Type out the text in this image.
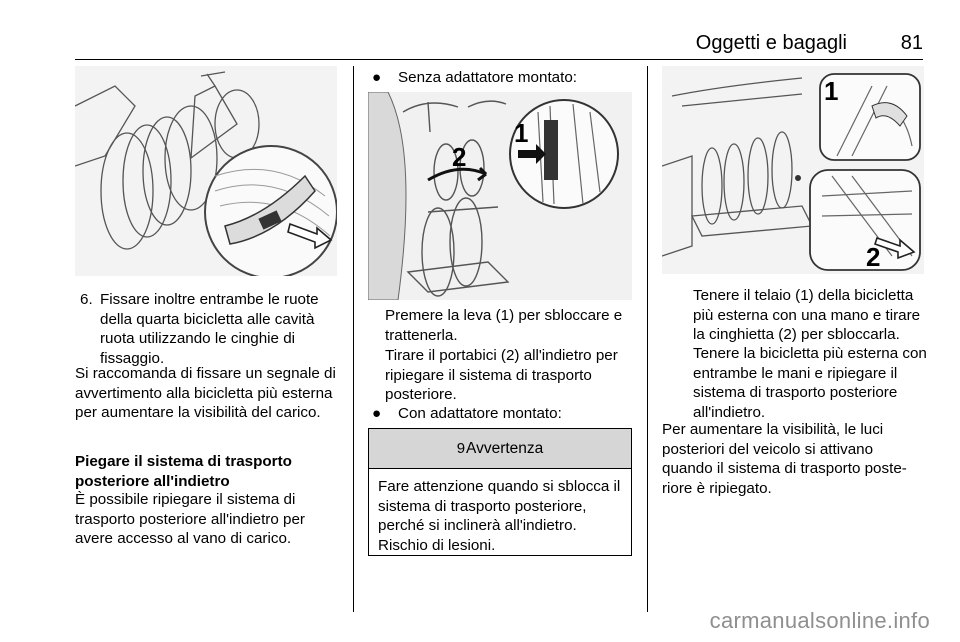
Oggetti e bagagli	81
6. Fissare inoltre entrambe le ruote della quarta bicicletta alle cavità ruota utilizzando le cinghie di fissaggio.
Si raccomanda di fissare un segnale di avvertimento alla bicicletta più esterna per aumentare la visibilità del carico.
Piegare il sistema di trasporto posteriore all'indietro
È possibile ripiegare il sistema di trasporto posteriore all'indietro per avere accesso al vano di carico.
● Senza adattatore montato:
1
2
Premere la leva (1) per sbloccare e trattenerla.
Tirare il portabici (2) all'indietro per ripiegare il sistema di trasporto posteriore.
● Con adattatore montato:
9Avvertenza
Fare attenzione quando si sblocca il sistema di trasporto posteriore, perché si inclinerà all'indietro. Rischio di lesioni.
1
2
Tenere il telaio (1) della bicicletta più esterna con una mano e tirare la cinghietta (2) per sbloccarla.
Tenere la bicicletta più esterna con entrambe le mani e ripiegare il sistema di trasporto posteriore all'indietro.
Per aumentare la visibilità, le luci posteriori del veicolo si attivano quando il sistema di trasporto poste- riore è ripiegato.
carmanualsonline.info
